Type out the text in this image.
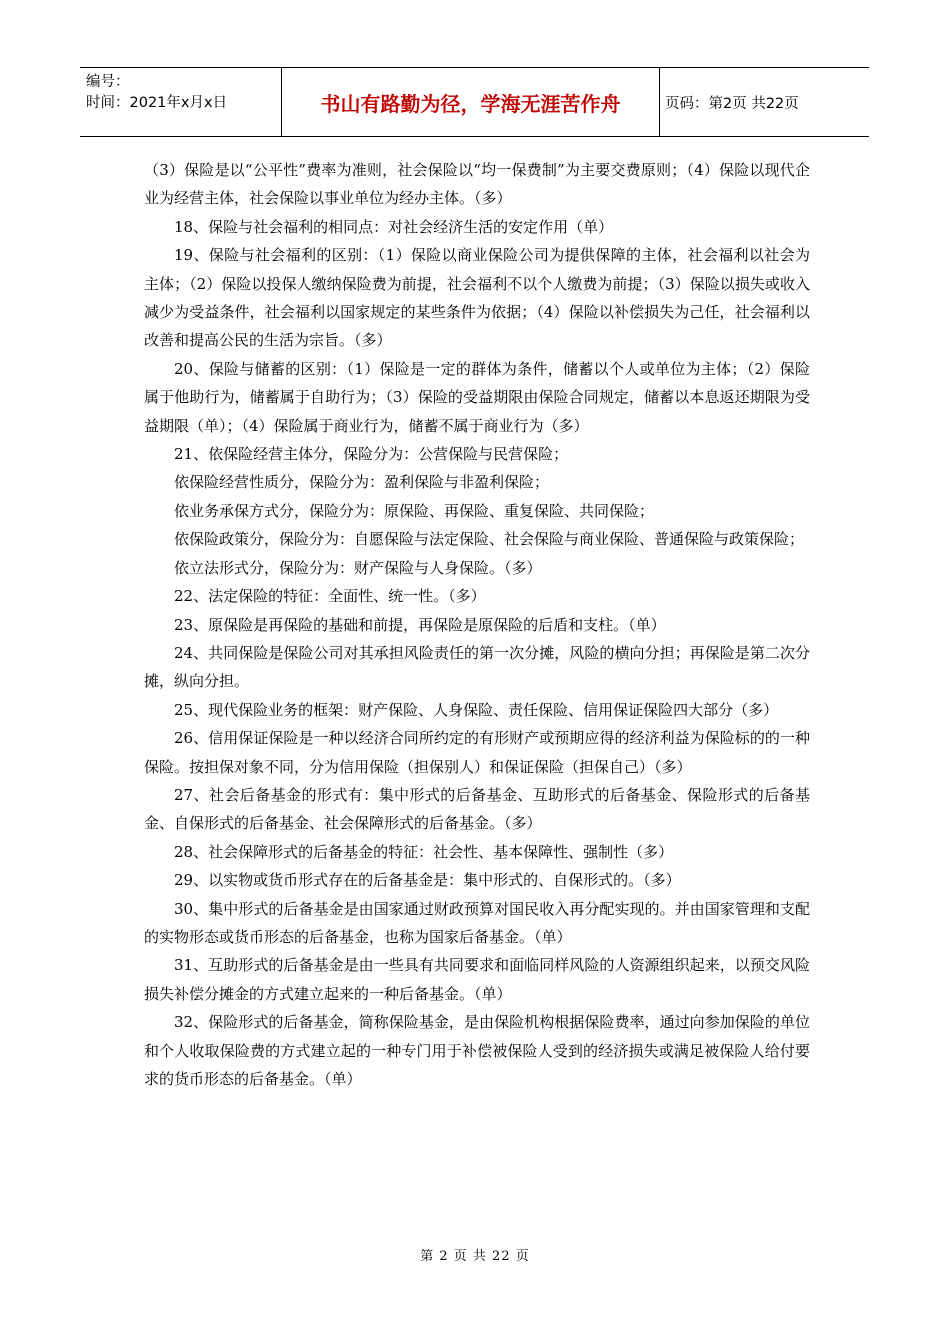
编号：
时间：2021年x月x日	书山有路勤为径，学海无涯苦作舟	页码：第2页 共22页

（3）保险是以“公平性”费率为准则，社会保险以“均一保费制”为主要交费原则；（4）保险以现代企业为经营主体，社会保险以事业单位为经办主体。（多）

18、保险与社会福利的相同点：对社会经济生活的安定作用（单）

19、保险与社会福利的区别：（1）保险以商业保险公司为提供保障的主体，社会福利以社会为主体；（2）保险以投保人缴纳保险费为前提，社会福利不以个人缴费为前提；（3）保险以损失或收入减少为受益条件，社会福利以国家规定的某些条件为依据；（4）保险以补偿损失为己任，社会福利以改善和提高公民的生活为宗旨。（多）

20、保险与储蓄的区别：（1）保险是一定的群体为条件，储蓄以个人或单位为主体；（2）保险属于他助行为，储蓄属于自助行为；（3）保险的受益期限由保险合同规定，储蓄以本息返还期限为受益期限（单）；（4）保险属于商业行为，储蓄不属于商业行为（多）

21、依保险经营主体分，保险分为：公营保险与民营保险；

依保险经营性质分，保险分为：盈利保险与非盈利保险；

依业务承保方式分，保险分为：原保险、再保险、重复保险、共同保险；

依保险政策分，保险分为：自愿保险与法定保险、社会保险与商业保险、普通保险与政策保险；

依立法形式分，保险分为：财产保险与人身保险。（多）

22、法定保险的特征：全面性、统一性。（多）

23、原保险是再保险的基础和前提，再保险是原保险的后盾和支柱。（单）

24、共同保险是保险公司对其承担风险责任的第一次分摊，风险的横向分担；再保险是第二次分摊，纵向分担。

25、现代保险业务的框架：财产保险、人身保险、责任保险、信用保证保险四大部分（多）

26、信用保证保险是一种以经济合同所约定的有形财产或预期应得的经济利益为保险标的的一种保险。按担保对象不同，分为信用保险（担保别人）和保证保险（担保自己）（多）

27、社会后备基金的形式有：集中形式的后备基金、互助形式的后备基金、保险形式的后备基金、自保形式的后备基金、社会保障形式的后备基金。（多）

28、社会保障形式的后备基金的特征：社会性、基本保障性、强制性（多）

29、以实物或货币形式存在的后备基金是：集中形式的、自保形式的。（多）

30、集中形式的后备基金是由国家通过财政预算对国民收入再分配实现的。并由国家管理和支配的实物形态或货币形态的后备基金，也称为国家后备基金。（单）

31、互助形式的后备基金是由一些具有共同要求和面临同样风险的人资源组织起来，以预交风险损失补偿分摊金的方式建立起来的一种后备基金。（单）

32、保险形式的后备基金，简称保险基金，是由保险机构根据保险费率，通过向参加保险的单位和个人收取保险费的方式建立起的一种专门用于补偿被保险人受到的经济损失或满足被保险人给付要求的货币形态的后备基金。（单）

第 2 页 共 22 页
